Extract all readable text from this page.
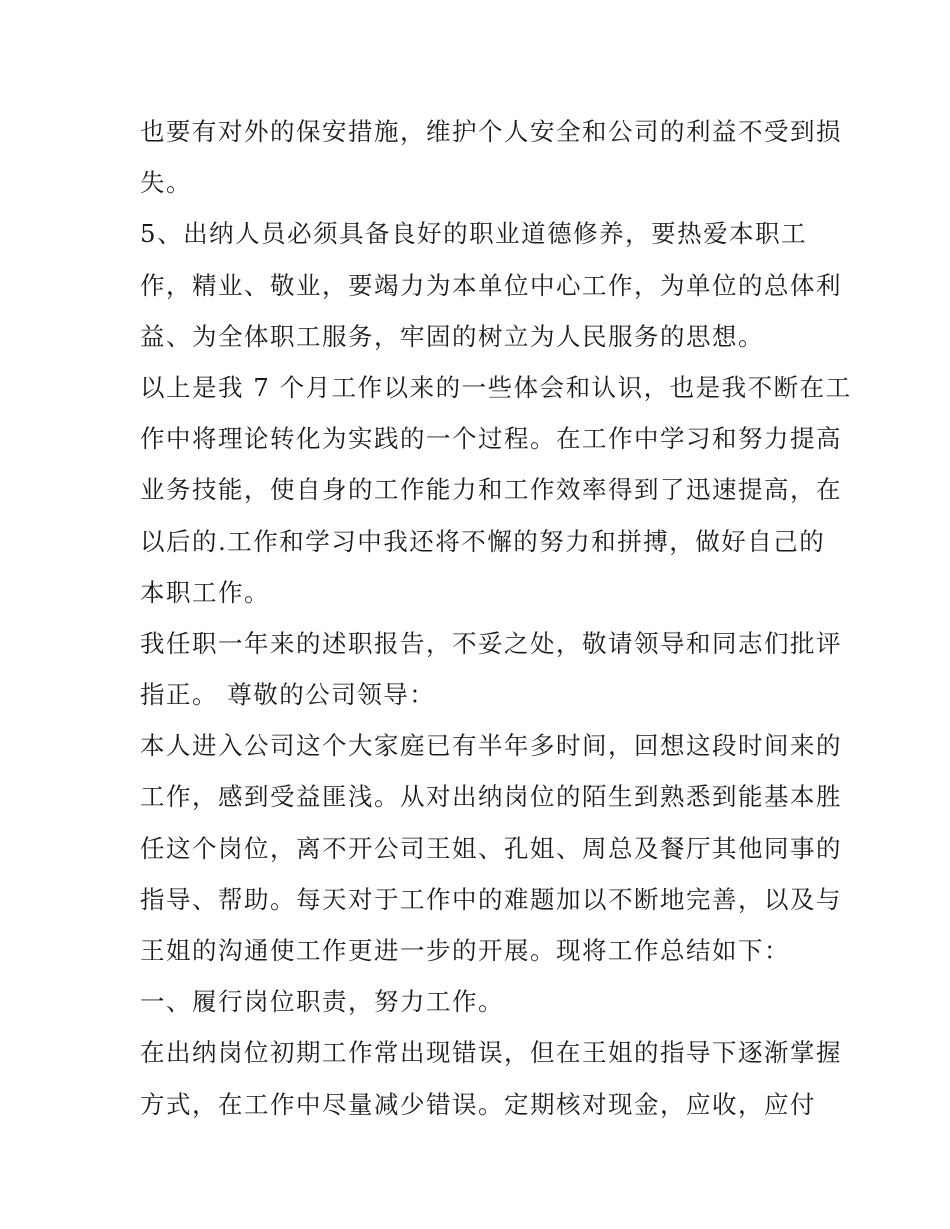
也要有对外的保安措施，维护个人安全和公司的利益不受到损
失。
5、出纳人员必须具备良好的职业道德修养，要热爱本职工
作，精业、敬业，要竭力为本单位中心工作，为单位的总体利
益、为全体职工服务，牢固的树立为人民服务的思想。
以上是我 7 个月工作以来的一些体会和认识，也是我不断在工
作中将理论转化为实践的一个过程。在工作中学习和努力提高
业务技能，使自身的工作能力和工作效率得到了迅速提高，在
以后的.工作和学习中我还将不懈的努力和拼搏，做好自己的
本职工作。
我任职一年来的述职报告，不妥之处，敬请领导和同志们批评
指正。 尊敬的公司领导：
本人进入公司这个大家庭已有半年多时间，回想这段时间来的
工作，感到受益匪浅。从对出纳岗位的陌生到熟悉到能基本胜
任这个岗位，离不开公司王姐、孔姐、周总及餐厅其他同事的
指导、帮助。每天对于工作中的难题加以不断地完善，以及与
王姐的沟通使工作更进一步的开展。现将工作总结如下：
一、履行岗位职责，努力工作。
在出纳岗位初期工作常出现错误，但在王姐的指导下逐渐掌握
方式，在工作中尽量减少错误。定期核对现金，应收，应付
